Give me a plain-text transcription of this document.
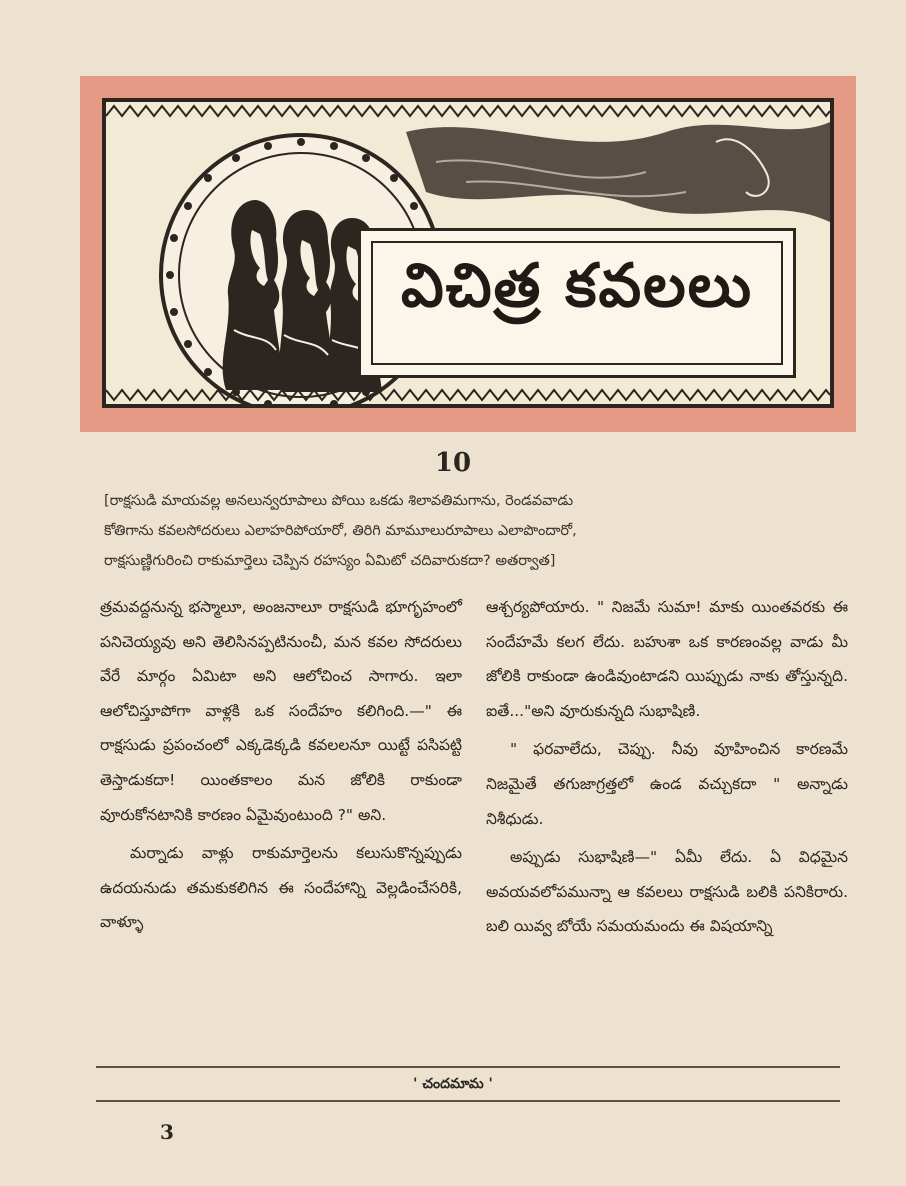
విచిత్ర కవలలు
10
[రాక్షసుడి మాయవల్ల అనలున్వరూపాలు పోయి ఒకడు శిలావతిమగాను, రెండవవాడు
కోతిగాను కవలసోదరులు ఎలాహరిపోయారో, తిరిగి మామూలురూపాలు ఎలాపొందారో,
రాక్షసుణ్ణిగురించి రాకుమార్తెలు చెప్పిన రహస్యం ఏమిటో చదివారుకదా? అతర్వాత]

త్రమవద్దనున్న భస్మాలూ, అంజనాలూ రాక్షసుడి భూగృహంలో పనిచెయ్యవు అని తెలిసినప్పటినుంచీ, మన కవల సోదరులు వేరే మార్గం ఏమిటా అని ఆలోచించ సాగారు. ఇలా ఆలోచిస్తూపోగా వాళ్లకి ఒక సందేహం కలిగింది.—" ఈ రాక్షసుడు ప్రపంచంలో ఎక్కడెక్కడి కవలలనూ యిట్టే పసిపట్టి తెస్తాడుకదా! యింతకాలం మన జోలికి రాకుండా వూరుకోనటానికి కారణం ఏమైవుంటుంది ?" అని.

మర్నాడు వాళ్లు రాకుమార్తెలను కలుసుకొన్నప్పుడు ఉదయనుడు తమకుకలిగిన ఈ సందేహాన్ని వెల్లడించేసరికి, వాళ్ళూ

ఆశ్చర్యపోయారు. " నిజమే సుమా! మాకు యింతవరకు ఈ సందేహమే కలగ లేదు. బహుశా ఒక కారణంవల్ల వాడు మీ జోలికి రాకుండా ఉండివుంటాడని యిప్పుడు నాకు తోస్తున్నది. ఐతే..."అని వూరుకున్నది సుభాషిణి.

" ఫరవాలేదు, చెప్పు. నీవు వూహించిన కారణమే నిజమైతే తగుజాగ్రత్తలో ఉండ వచ్చుకదా " అన్నాడు నిశీధుడు.

అప్పుడు సుభాషిణి—" ఏమీ లేదు. ఏ విధమైన అవయవలోపమున్నా ఆ కవలలు రాక్షసుడి బలికి పనికిరారు. బలి యివ్వ బోయే సమయమందు ఈ విషయాన్ని

' చందమామ '
3
